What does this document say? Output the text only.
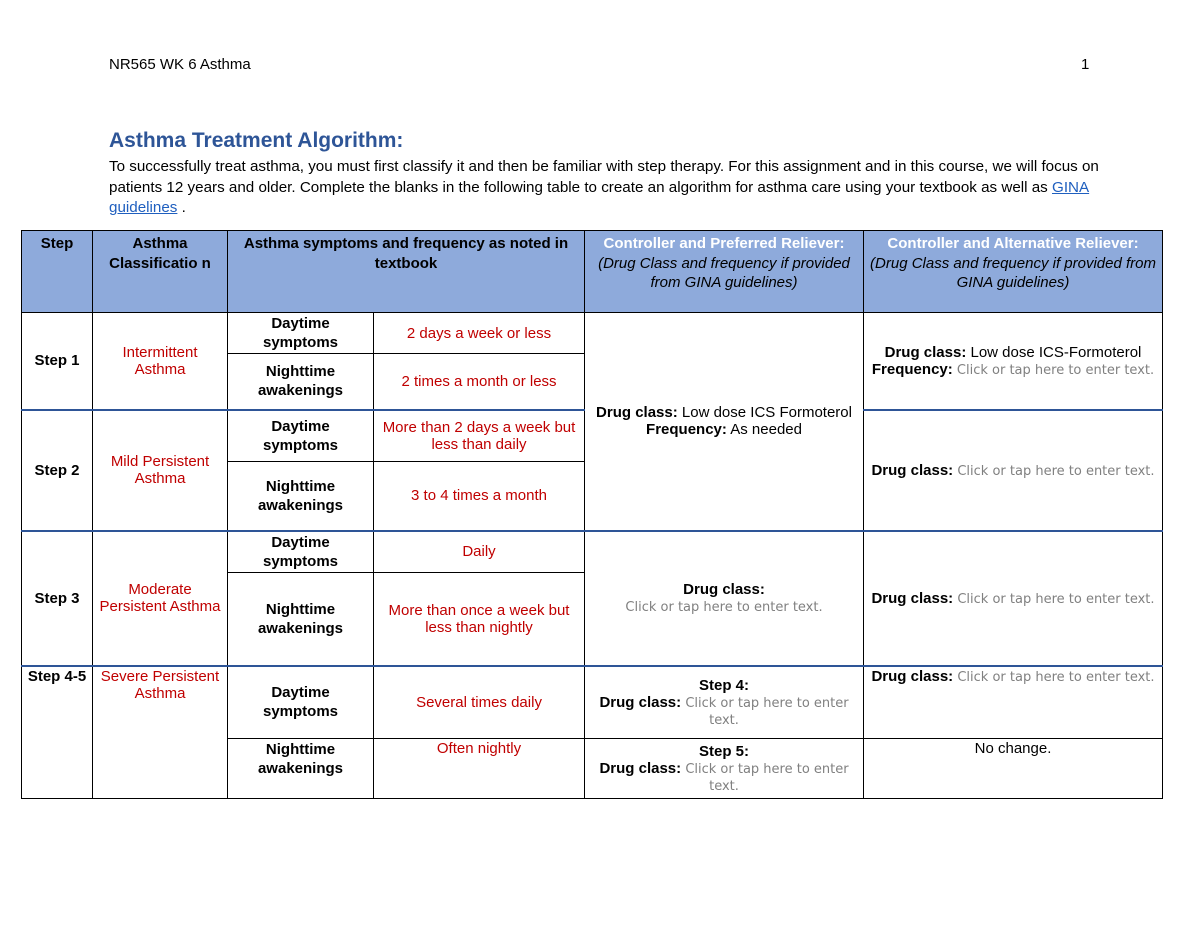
NR565 WK 6 Asthma	1
Asthma Treatment Algorithm:
To successfully treat asthma, you must first classify it and then be familiar with step therapy. For this assignment and in this course, we will focus on patients 12 years and older. Complete the blanks in the following table to create an algorithm for asthma care using your textbook as well as GINA guidelines .
Step	Asthma Classificatio n	Asthma symptoms and frequency as noted in textbook		Controller and Preferred Reliever:
(Drug Class and frequency if provided from GINA guidelines)	Controller and Alternative Reliever:
(Drug Class and frequency if provided from GINA guidelines)

Step 1	Intermittent Asthma	Daytime symptoms	2 days a week or less	Drug class: Low dose ICS Formoterol
Frequency: As needed	Drug class: Low dose ICS-Formoterol
Frequency: Click or tap here to enter text.
		Nighttime awakenings	2 times a month or less		
Step 2	Mild Persistent Asthma	Daytime symptoms	More than 2 days a week but less than daily		Drug class: Click or tap here to enter text.
		Nighttime awakenings	3 to 4 times a month		
Step 3	Moderate Persistent Asthma	Daytime symptoms	Daily	Drug class:
Click or tap here to enter text.	Drug class: Click or tap here to enter text.
		Nighttime awakenings	More than once a week but less than nightly		
Step 4-5	Severe Persistent Asthma	Daytime symptoms	Several times daily	Step 4:
Drug class: Click or tap here to enter text.	Drug class: Click or tap here to enter text.
		Nighttime awakenings	Often nightly	Step 5:
Drug class: Click or tap here to enter text.	No change.
